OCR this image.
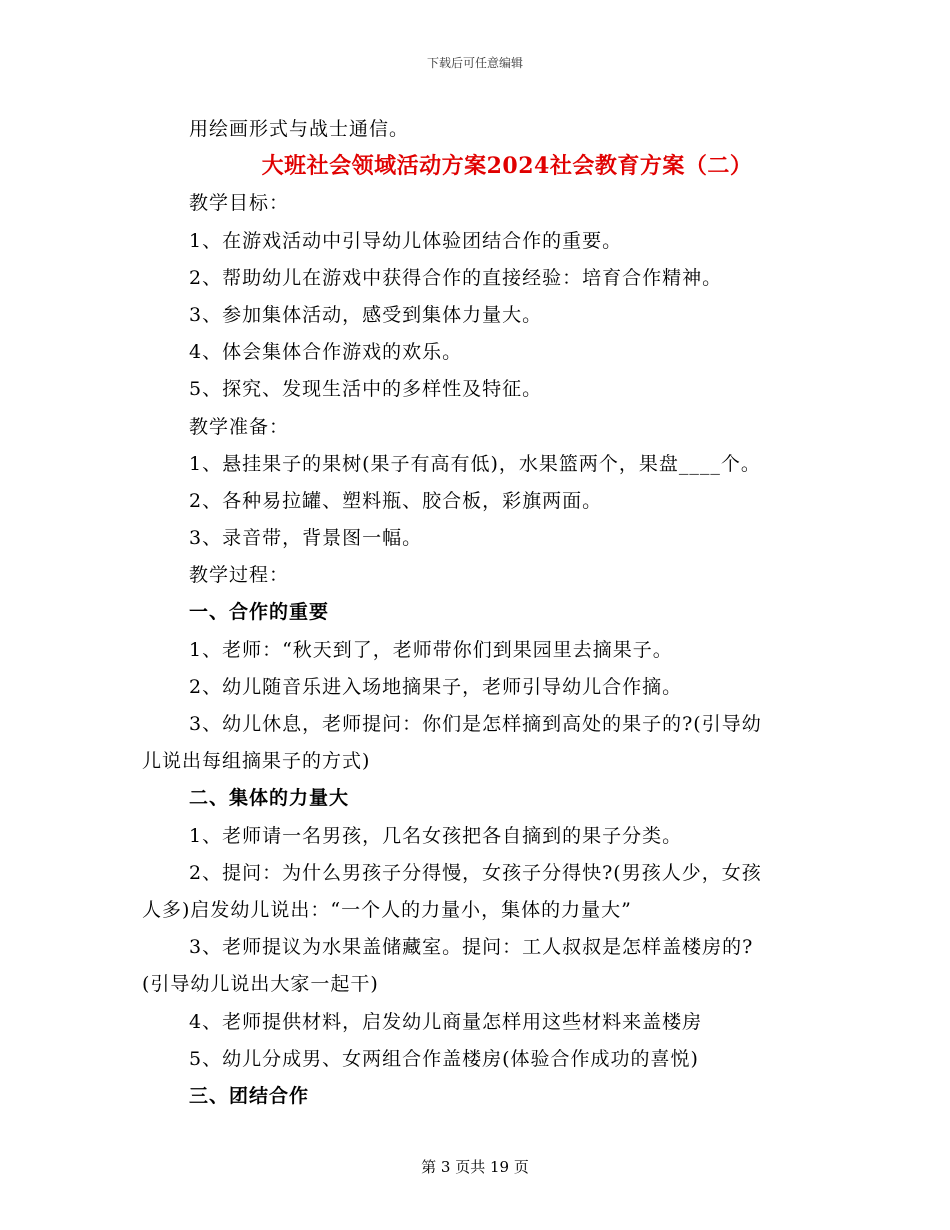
下载后可任意编辑
用绘画形式与战士通信。
大班社会领域活动方案2024社会教育方案（二）
教学目标：
1、在游戏活动中引导幼儿体验团结合作的重要。
2、帮助幼儿在游戏中获得合作的直接经验：培育合作精神。
3、参加集体活动，感受到集体力量大。
4、体会集体合作游戏的欢乐。
5、探究、发现生活中的多样性及特征。
教学准备：
1、悬挂果子的果树(果子有高有低)，水果篮两个，果盘____个。
2、各种易拉罐、塑料瓶、胶合板，彩旗两面。
3、录音带，背景图一幅。
教学过程：
一、合作的重要
1、老师：“秋天到了，老师带你们到果园里去摘果子。
2、幼儿随音乐进入场地摘果子，老师引导幼儿合作摘。
3、幼儿休息，老师提问：你们是怎样摘到高处的果子的?(引导幼
儿说出每组摘果子的方式)
二、集体的力量大
1、老师请一名男孩，几名女孩把各自摘到的果子分类。
2、提问：为什么男孩子分得慢，女孩子分得快?(男孩人少，女孩
人多)启发幼儿说出：“一个人的力量小，集体的力量大”
3、老师提议为水果盖储藏室。提问：工人叔叔是怎样盖楼房的?
(引导幼儿说出大家一起干)
4、老师提供材料，启发幼儿商量怎样用这些材料来盖楼房
5、幼儿分成男、女两组合作盖楼房(体验合作成功的喜悦)
三、团结合作
第 3 页共 19 页
